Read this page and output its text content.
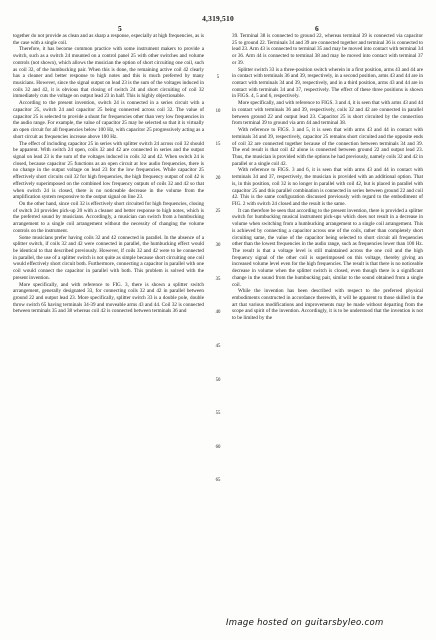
4,319,510
5	6

together do not provide as clean and as sharp a response, especially at high frequencies, as is the case with a single coil.

Therefore, it has become common practice with some instrument makers to provide a switch, such as a switch 24 mounted on a control panel 25 with other switches and volume controls (not shown), which allows the musician the option of short circuiting one coil, such as coil 32, of the humbucking pair. When this is done, the remaining active coil 42 clearly has a cleaner and better response to high notes and this is much preferred by many musicians. However, since the signal output on lead 23 is the sum of the voltages induced in coils 32 and 42, it is obvious that closing of switch 24 and short circuiting of coil 32 immediately cuts the voltage on output lead 23 in half. This is highly objectionable.

According to the present invention, switch 24 is connected in a series circuit with a capacitor 25, switch 24 and capacitor 25 being connected across coil 32. The value of capacitor 25 is selected to provide a shunt for frequencies other than very low frequencies in the audio range. For example, the value of capacitor 25 may be selected so that it is virtually an open circuit for all frequencies below 100 Hz, with capacitor 25 progressively acting as a short circuit as frequencies increase above 100 Hz.

The effect of including capacitor 25 in series with splitter switch 24 across coil 32 should be apparent. With switch 24 open, coils 32 and 42 are connected in series and the output signal on lead 23 is the sum of the voltages induced in coils 32 and 42. When switch 24 is closed, because capacitor 25 functions as an open circuit at low audio frequencies, there is no change in the output voltage on lead 23 for the low frequencies. While capacitor 25 effectively short circuits coil 32 for high frequencies, the high frequency output of coil 42 is effectively superimposed on the combined low frequency outputs of coils 32 and 42 so that when switch 24 is closed, there is no noticeable decrease in the volume from the amplification system responsive to the output signal on line 23.

On the other hand, since coil 32 is effectively short circuited for high frequencies, closing of switch 24 provides pick-up 20 with a cleaner and better response to high notes, which is the preferred sound by musicians. Accordingly, a musician can switch from a humbucking arrangement to a single coil arrangement without the necessity of changing the volume controls on the instrument.

Some musicians prefer having coils 32 and 42 connected in parallel. In the absence of a splitter switch, if coils 32 and 42 were connected in parallel, the humbucking effect would be identical to that described previously. However, if coils 32 and 42 were to be connected in parallel, the use of a splitter switch is not quite as simple because short circuiting one coil would effectively short circuit both. Furthermore, connecting a capacitor in parallel with one coil would connect the capacitor in parallel with both. This problem is solved with the present invention.

More specifically, and with reference to FIG. 3, there is shown a splitter switch arrangement, generally designated 33, for connecting coils 32 and 42 in parallel between ground 22 and output lead 23. More specifically, splitter switch 33 is a double pole, double throw switch 65 having terminals 34-39 and moveable arms 43 and 44. Coil 32 is connected between terminals 35 and 38 whereas coil 42 is connected between terminals 36 and

5
10
15
20
25
30
35
40
45
50
55
60
65

39. Terminal 38 is connected to ground 22, whereas terminal 39 is connected via capacitor 25 to ground 22. Terminals 34 and 39 are connected together and terminal 36 is connected to lead 23. Arm 43 is connected to terminal 35 and may be moved into contact with terminal 34 or 36. Arm 44 is connected to terminal 38 and may be moved into contact with terminal 37 or 39.

Splitter switch 33 is a three-position switch wherein in a first position, arms 43 and 44 are in contact with terminals 36 and 39, respectively, in a second position, arms 43 and 44 are in contact with terminals 34 and 39, respectively, and in a third position, arms 43 and 44 are in contact with terminals 34 and 37, respectively. The effect of these three positions is shown in FIGS. 4, 5 and 6, respectively.

More specifically, and with reference to FIGS. 3 and 4, it is seen that with arms 43 and 44 in contact with terminals 36 and 39, respectively, coils 32 and 42 are connected in parallel between ground 22 and output lead 23. Capacitor 25 is short circuited by the connection from terminal 39 to ground via arm 44 and terminal 38.

With reference to FIGS. 3 and 5, it is seen that with arms 43 and 44 in contact with terminals 34 and 39, respectively, capacitor 25 remains short circuited and the opposite ends of coil 32 are connected together because of the connection between terminals 34 and 39. The end result is that coil 42 alone is connected between ground 22 and output lead 23. Thus, the musician is provided with the options he had previously, namely coils 32 and 42 in parallel or a single coil 42.

With reference to FIGS. 3 and 6, it is seen that with arms 43 and 44 in contact with terminals 34 and 37, respectively, the musician is provided with an additional option. That is, in this position, coil 32 is no longer in parallel with coil 42, but is placed in parallel with capacitor 25 and this parallel combination is connected in series between ground 22 and coil 42. This is the same configuration discussed previously with regard to the embodiment of FIG. 2 with switch 24 closed and the result is the same.

It can therefore be seen that according to the present invention, there is provided a splitter switch for humbucking musical instrument pick-ups which does not result in a decrease in volume when switching from a humbucking arrangement to a single coil arrangement. This is achieved by connecting a capacitor across one of the coils, rather than completely short circuiting same, the value of the capacitor being selected to short circuit all frequencies other than the lowest frequencies in the audio range, such as frequencies lower than 100 Hz. The result is that a voltage level is still maintained across the one coil and the high frequency signal of the other coil is superimposed on this voltage, thereby giving an increased volume level even for the high frequencies. The result is that there is no noticeable decrease in volume when the splitter switch is closed, even though there is a significant change in the sound from the humbucking pair, similar to the sound obtained from a single coil.

While the invention has been described with respect to the preferred physical embodiments constructed in accordance therewith, it will be apparent to those skilled in the art that various modifications and improvements may be made without departing from the scope and spirit of the invention. Accordingly, it is to be understood that the invention is not to be limited by the

Image hosted on guitarsbyleo.com
